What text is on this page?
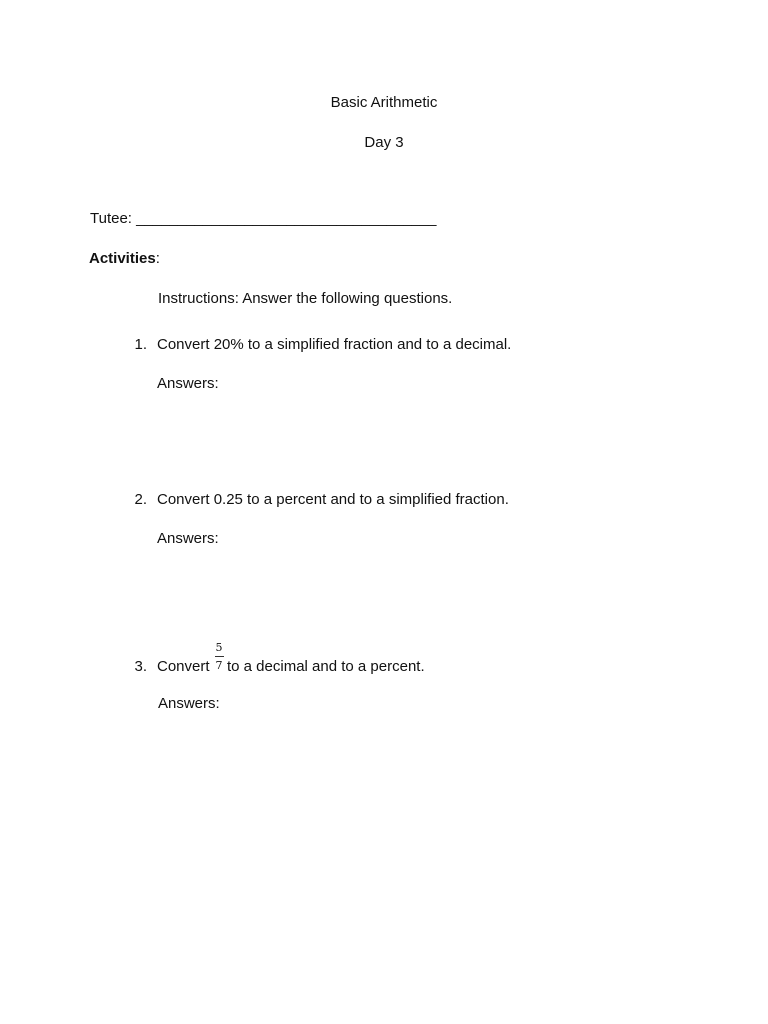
Basic Arithmetic
Day 3
Tutee: ____________________________________
Activities:
Instructions: Answer the following questions.
1. Convert 20% to a simplified fraction and to a decimal.
Answers:
2. Convert 0.25 to a percent and to a simplified fraction.
Answers:
3. Convert
5
7 to a decimal and to a percent.
Answers:
